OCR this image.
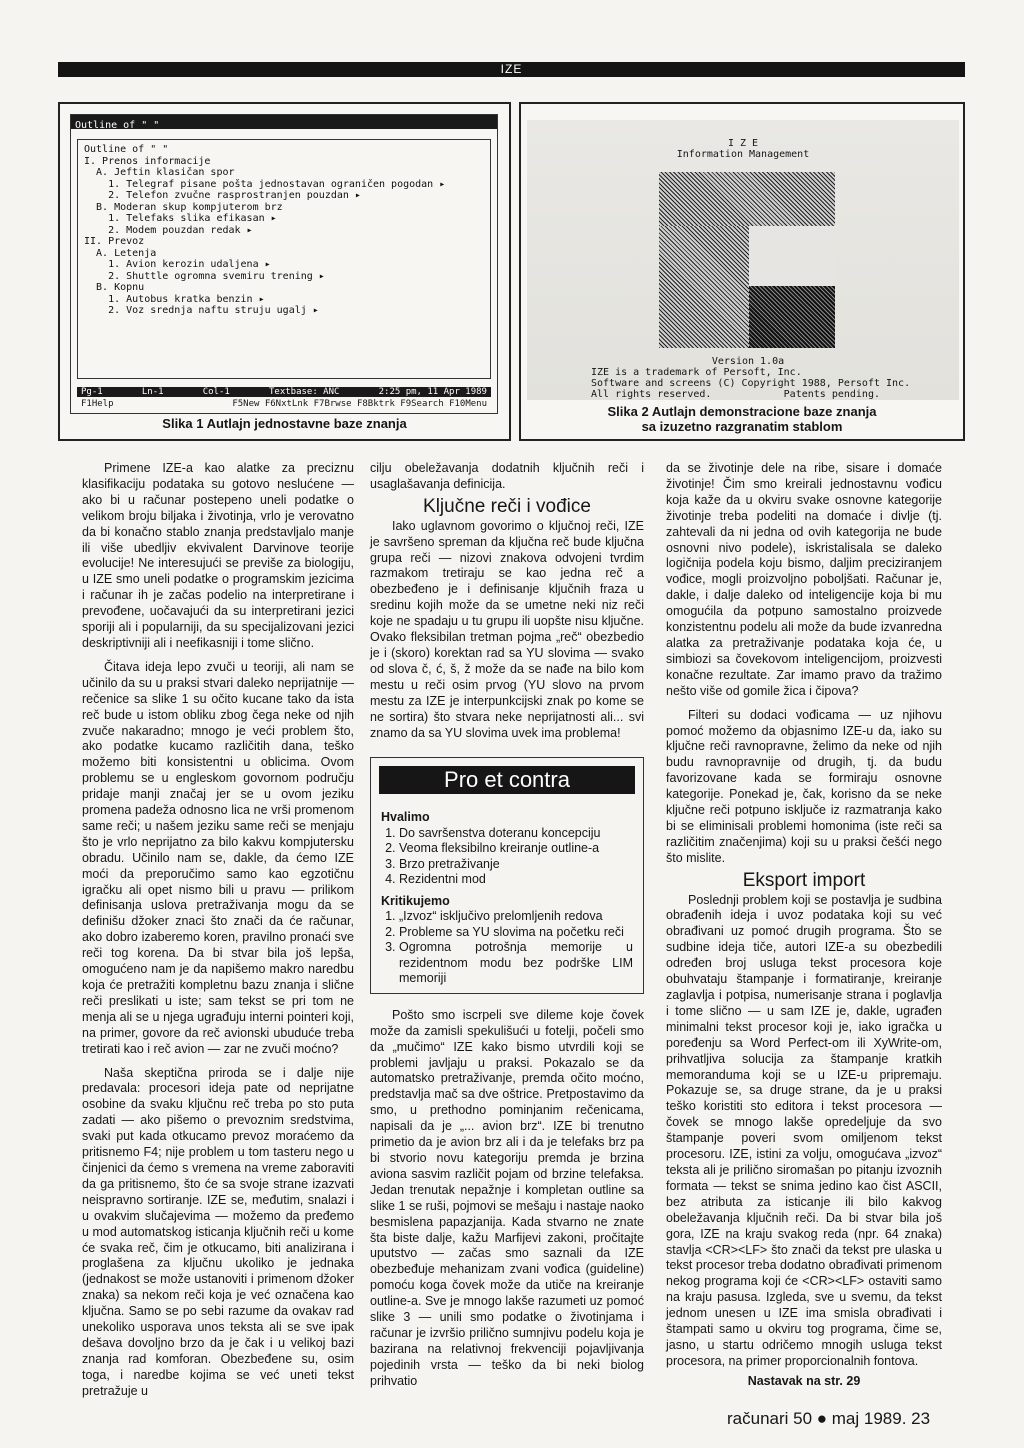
IZE
Outline of " "
Outline of " "
I. Prenos informacije
A. Jeftin klasičan spor
1. Telegraf pisane pošta jednostavan ograničen pogodan ▸
2. Telefon zvučne rasprostranjen pouzdan ▸
B. Moderan skup kompjuterom brz
1. Telefaks slika efikasan ▸
2. Modem pouzdan redak ▸
II. Prevoz
A. Letenja
1. Avion kerozin udaljena ▸
2. Shuttle ogromna svemiru trening ▸
B. Kopnu
1. Autobus kratka benzin ▸
2. Voz srednja naftu struju ugalj ▸
Pg-1	Ln-1	Col-1	Textbase: ANC	2:25 pm, 11 Apr 1989
F1Help	F5New F6NxtLnk F7Brwse F8Bktrk F9Search F10Menu
Slika 1 Autlajn jednostavne baze znanja
I Z E
Information Management
Version 1.0a
IZE is a trademark of Persoft, Inc.
Software and screens (C) Copyright 1988, Persoft Inc.
All rights reserved.            Patents pending.
Slika 2 Autlajn demonstracione baze znanja
sa izuzetno razgranatim stablom

Primene IZE-a kao alatke za preciznu klasifikaciju podataka su gotovo neslućene — ako bi u računar postepeno uneli podatke o velikom broju biljaka i životinja, vrlo je verovatno da bi konačno stablo znanja predstavljalo manje ili više ubedljiv ekvivalent Darvinove teorije evolucije! Ne interesujući se previše za biologiju, u IZE smo uneli podatke o programskim jezicima i računar ih je začas podelio na interpretirane i prevođene, uočavajući da su interpretirani jezici sporiji ali i popularniji, da su specijalizovani jezici deskriptivniji ali i neefikasniji i tome slično.

Čitava ideja lepo zvuči u teoriji, ali nam se učinilo da su u praksi stvari daleko neprijatnije — rečenice sa slike 1 su očito kucane tako da ista reč bude u istom obliku zbog čega neke od njih zvuče nakaradno; mnogo je veći problem što, ako podatke kucamo različitih dana, teško možemo biti konsistentni u oblicima. Ovom problemu se u engleskom govornom području pridaje manji značaj jer se u ovom jeziku promena padeža odnosno lica ne vrši promenom same reči; u našem jeziku same reči se menjaju što je vrlo neprijatno za bilo kakvu kompjutersku obradu. Učinilo nam se, dakle, da ćemo IZE moći da preporučimo samo kao egzotičnu igračku ali opet nismo bili u pravu — prilikom definisanja uslova pretraživanja mogu da se definišu džoker znaci što znači da će računar, ako dobro izaberemo koren, pravilno pronaći sve reči tog korena. Da bi stvar bila još lepša, omogućeno nam je da napišemo makro naredbu koja će pretražiti kompletnu bazu znanja i slične reči preslikati u iste; sam tekst se pri tom ne menja ali se u njega ugrađuju interni pointeri koji, na primer, govore da reč avionski ubuduće treba tretirati kao i reč avion — zar ne zvuči moćno?

Naša skeptična priroda se i dalje nije predavala: procesori ideja pate od neprijatne osobine da svaku ključnu reč treba po sto puta zadati — ako pišemo o prevoznim sredstvima, svaki put kada otkucamo prevoz moraćemo da pritisnemo F4; nije problem u tom tasteru nego u činjenici da ćemo s vremena na vreme zaboraviti da ga pritisnemo, što će sa svoje strane izazvati neispravno sortiranje. IZE se, međutim, snalazi i u ovakvim slučajevima — možemo da pređemo u mod automatskog isticanja ključnih reči u kome će svaka reč, čim je otkucamo, biti analizirana i proglašena za ključnu ukoliko je jednaka (jednakost se može ustanoviti i primenom džoker znaka) sa nekom reči koja je već označena kao ključna. Samo se po sebi razume da ovakav rad unekoliko usporava unos teksta ali se sve ipak dešava dovoljno brzo da je čak i u velikoj bazi znanja rad komforan. Obezbeđene su, osim toga, i naredbe kojima se već uneti tekst pretražuje u

cilju obeležavanja dodatnih ključnih reči i usaglašavanja definicija.

Ključne reči i vođice

Iako uglavnom govorimo o ključnoj reči, IZE je savršeno spreman da ključna reč bude ključna grupa reči — nizovi znakova odvojeni tvrdim razmakom tretiraju se kao jedna reč a obezbeđeno je i definisanje ključnih fraza u sredinu kojih može da se umetne neki niz reči koje ne spadaju u tu grupu ili uopšte nisu ključne. Ovako fleksibilan tretman pojma „reč“ obezbedio je i (skoro) korektan rad sa YU slovima — svako od slova č, ć, š, ž može da se nađe na bilo kom mestu u reči osim prvog (YU slovo na prvom mestu za IZE je interpunkcijski znak po kome se ne sortira) što stvara neke neprijatnosti ali... svi znamo da sa YU slovima uvek ima problema!

Pro et contra
Hvalimo
1. Do savršenstva doteranu koncepciju
2. Veoma fleksibilno kreiranje outline-a
3. Brzo pretraživanje
4. Rezidentni mod
Kritikujemo
1. „Izvoz“ isključivo prelomljenih redova
2. Probleme sa YU slovima na početku reči
3. Ogromna potrošnja memorije u rezidentnom modu bez podrške LIM memoriji

Pošto smo iscrpeli sve dileme koje čovek može da zamisli spekulišući u fotelji, počeli smo da „mučimo“ IZE kako bismo utvrdili koji se problemi javljaju u praksi. Pokazalo se da automatsko pretraživanje, premda očito moćno, predstavlja mač sa dve oštrice. Pretpostavimo da smo, u prethodno pominjanim rečenicama, napisali da je „... avion brz“. IZE bi trenutno primetio da je avion brz ali i da je telefaks brz pa bi stvorio novu kategoriju premda je brzina aviona sasvim različit pojam od brzine telefaksa. Jedan trenutak nepažnje i kompletan outline sa slike 1 se ruši, pojmovi se mešaju i nastaje naoko besmislena papazjanija. Kada stvarno ne znate šta biste dalje, kažu Marfijevi zakoni, pročitajte uputstvo — začas smo saznali da IZE obezbeđuje mehanizam zvani vođica (guideline) pomoću koga čovek može da utiče na kreiranje outline-a. Sve je mnogo lakše razumeti uz pomoć slike 3 — unili smo podatke o životinjama i računar je izvršio prilično sumnjivu podelu koja je bazirana na relativnoj frekvenciji pojavljivanja pojedinih vrsta — teško da bi neki biolog prihvatio

da se životinje dele na ribe, sisare i domaće životinje! Čim smo kreirali jednostavnu vođicu koja kaže da u okviru svake osnovne kategorije životinje treba podeliti na domaće i divlje (tj. zahtevali da ni jedna od ovih kategorija ne bude osnovni nivo podele), iskristalisala se daleko logičnija podela koju bismo, daljim preciziranjem vođice, mogli proizvoljno poboljšati. Računar je, dakle, i dalje daleko od inteligencije koja bi mu omogućila da potpuno samostalno proizvede konzistentnu podelu ali može da bude izvanredna alatka za pretraživanje podataka koja će, u simbiozi sa čovekovom inteligencijom, proizvesti konačne rezultate. Zar imamo pravo da tražimo nešto više od gomile žica i čipova?

Filteri su dodaci vođicama — uz njihovu pomoć možemo da objasnimo IZE-u da, iako su ključne reči ravnopravne, želimo da neke od njih budu ravnopravnije od drugih, tj. da budu favorizovane kada se formiraju osnovne kategorije. Ponekad je, čak, korisno da se neke ključne reči potpuno isključe iz razmatranja kako bi se eliminisali problemi homonima (iste reči sa različitim značenjima) koji su u praksi češći nego što mislite.

Eksport import

Poslednji problem koji se postavlja je sudbina obrađenih ideja i uvoz podataka koji su već obrađivani uz pomoć drugih programa. Što se sudbine ideja tiče, autori IZE-a su obezbedili određen broj usluga tekst procesora koje obuhvataju štampanje i formatiranje, kreiranje zaglavlja i potpisa, numerisanje strana i poglavlja i tome slično — u sam IZE je, dakle, ugrađen minimalni tekst procesor koji je, iako igračka u poređenju sa Word Perfect-om ili XyWrite-om, prihvatljiva solucija za štampanje kratkih memoranduma koji se u IZE-u pripremaju. Pokazuje se, sa druge strane, da je u praksi teško koristiti sto editora i tekst procesora — čovek se mnogo lakše opredeljuje da svo štampanje poveri svom omiljenom tekst procesoru. IZE, istini za volju, omogućava „izvoz“ teksta ali je prilično siromašan po pitanju izvoznih formata — tekst se snima jedino kao čist ASCII, bez atributa za isticanje ili bilo kakvog obeležavanja ključnih reči. Da bi stvar bila još gora, IZE na kraju svakog reda (npr. 64 znaka) stavlja <CR><LF> što znači da tekst pre ulaska u tekst procesor treba dodatno obrađivati primenom nekog programa koji će <CR><LF> ostaviti samo na kraju pasusa. Izgleda, sve u svemu, da tekst jednom unesen u IZE ima smisla obrađivati i štampati samo u okviru tog programa, čime se, jasno, u startu odričemo mnogih usluga tekst procesora, na primer proporcionalnih fontova.

Nastavak na str. 29
računari 50 ● maj 1989. 23
